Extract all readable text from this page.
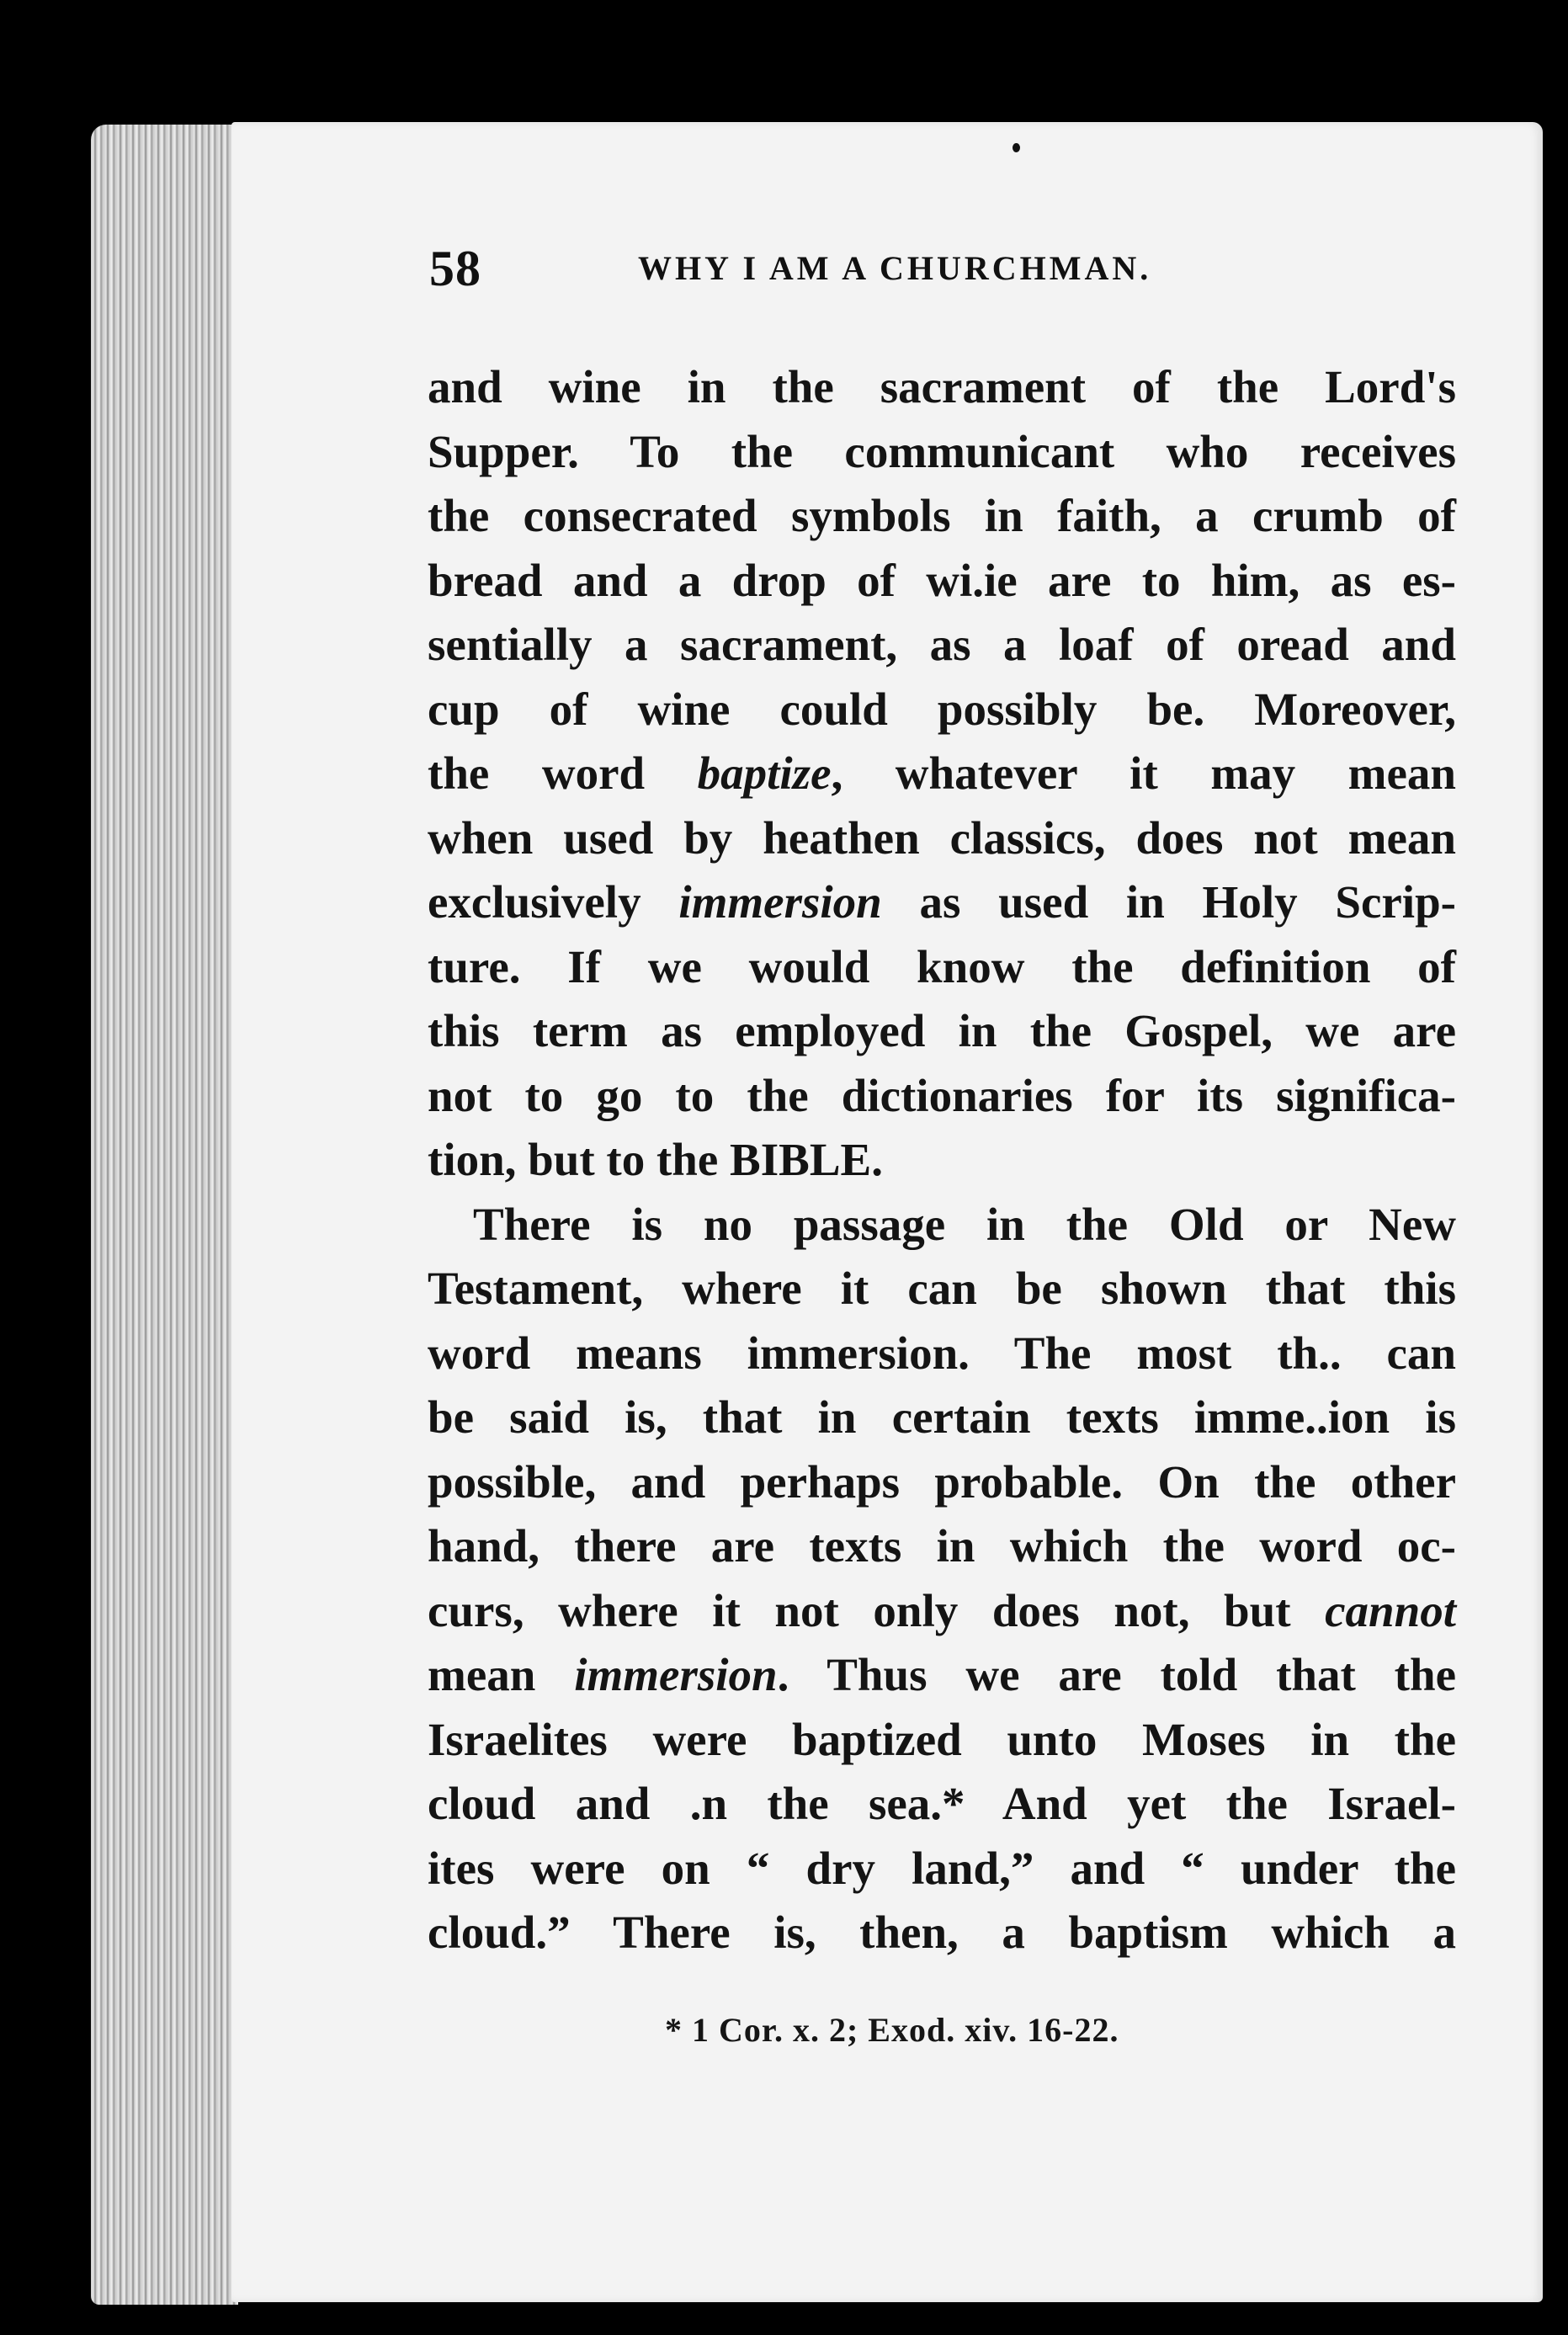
58	WHY I AM A CHURCHMAN.
and wine in the sacrament of the Lord's
Supper. To the communicant who receives
the consecrated symbols in faith, a crumb of
bread and a drop of wi.ie are to him, as es-
sentially a sacrament, as a loaf of oread and
cup of wine could possibly be. Moreover,
the word baptize, whatever it may mean
when used by heathen classics, does not mean
exclusively immersion as used in Holy Scrip-
ture. If we would know the definition of
this term as employed in the Gospel, we are
not to go to the dictionaries for its significa-
tion, but to the BIBLE.
There is no passage in the Old or New
Testament, where it can be shown that this
word means immersion. The most th.. can
be said is, that in certain texts imme..ion is
possible, and perhaps probable. On the other
hand, there are texts in which the word oc-
curs, where it not only does not, but cannot
mean immersion. Thus we are told that the
Israelites were baptized unto Moses in the
cloud and .n the sea.* And yet the Israel-
ites were on “ dry land,” and “ under the
cloud.” There is, then, a baptism which a
* 1 Cor. x. 2; Exod. xiv. 16-22.
